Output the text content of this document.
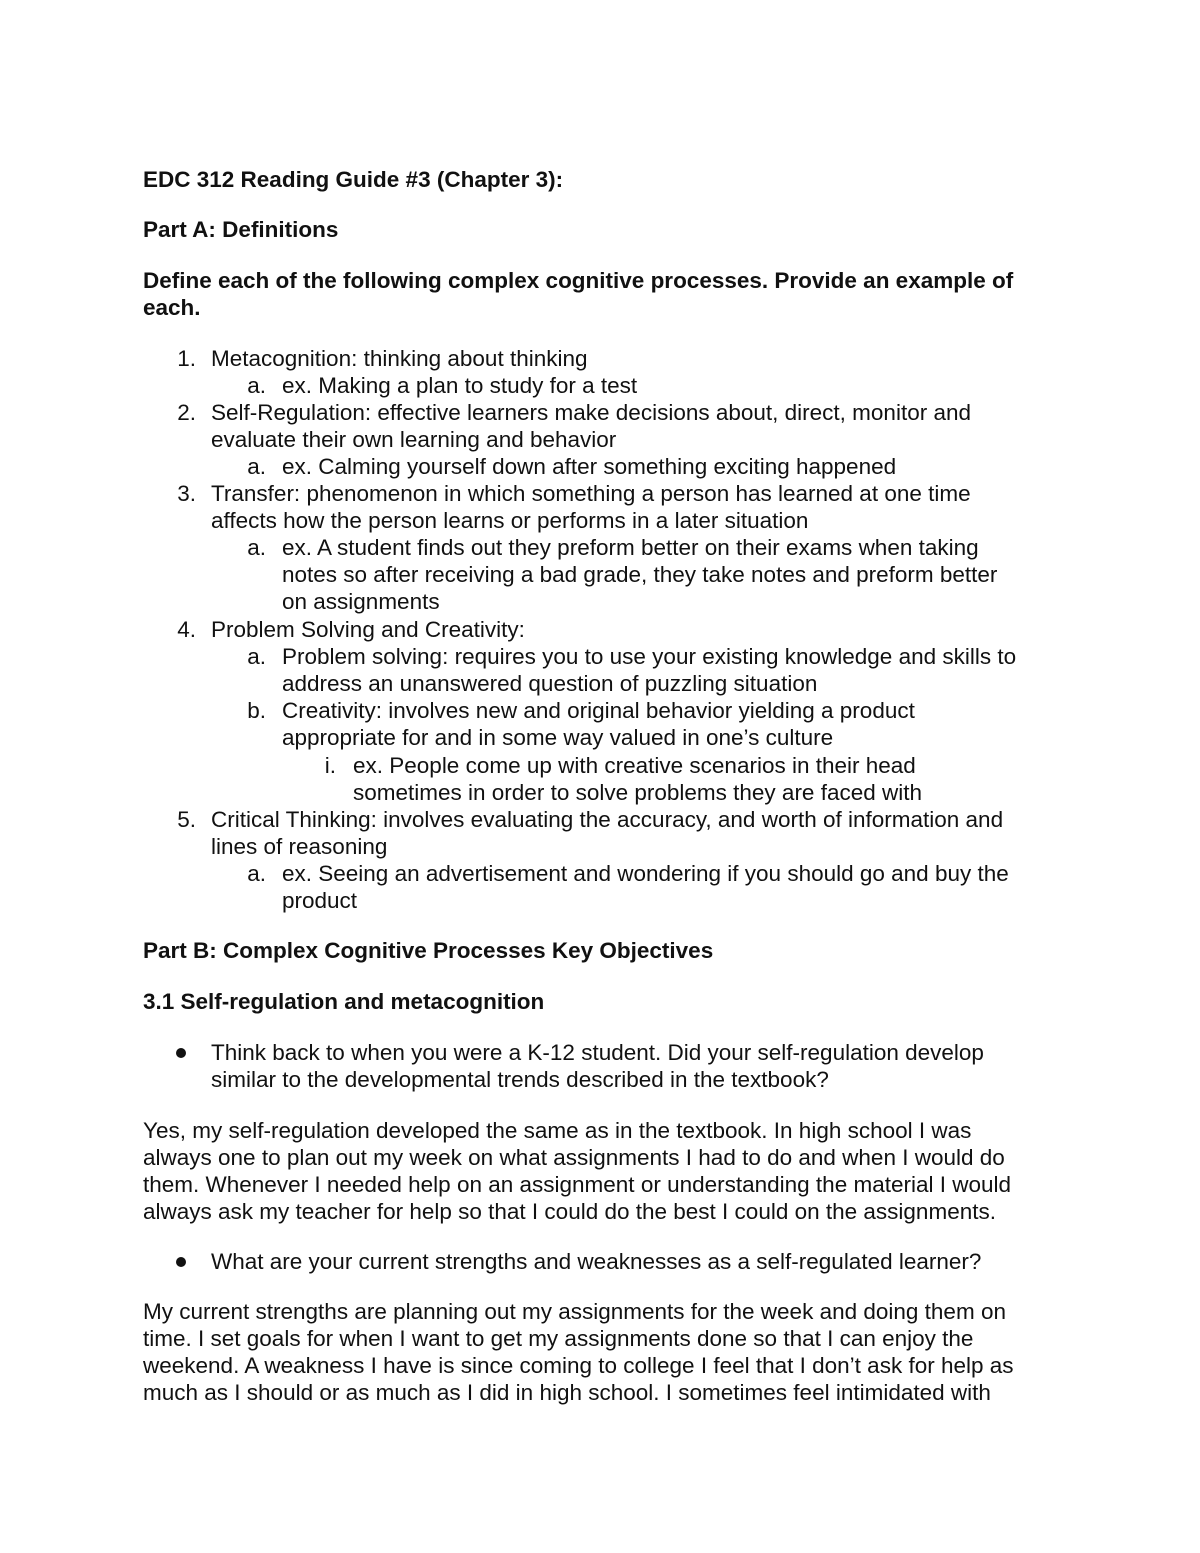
EDC 312 Reading Guide #3 (Chapter 3):

Part A: Definitions

Define each of the following complex cognitive processes. Provide an example of

each.

1. Metacognition: thinking about thinking

a. ex. Making a plan to study for a test

2. Self-Regulation: effective learners make decisions about, direct, monitor and

evaluate their own learning and behavior

a. ex. Calming yourself down after something exciting happened

3. Transfer: phenomenon in which something a person has learned at one time

affects how the person learns or performs in a later situation

a. ex. A student finds out they preform better on their exams when taking

notes so after receiving a bad grade, they take notes and preform better

on assignments

4. Problem Solving and Creativity:

a. Problem solving: requires you to use your existing knowledge and skills to

address an unanswered question of puzzling situation

b. Creativity: involves new and original behavior yielding a product

appropriate for and in some way valued in one’s culture

i. ex. People come up with creative scenarios in their head

sometimes in order to solve problems they are faced with

5. Critical Thinking: involves evaluating the accuracy, and worth of information and

lines of reasoning

a. ex. Seeing an advertisement and wondering if you should go and buy the

product

Part B: Complex Cognitive Processes Key Objectives

3.1 Self-regulation and metacognition

Think back to when you were a K-12 student. Did your self-regulation develop

similar to the developmental trends described in the textbook?

Yes, my self-regulation developed the same as in the textbook. In high school I was

always one to plan out my week on what assignments I had to do and when I would do

them. Whenever I needed help on an assignment or understanding the material I would

always ask my teacher for help so that I could do the best I could on the assignments.

What are your current strengths and weaknesses as a self-regulated learner?

My current strengths are planning out my assignments for the week and doing them on

time. I set goals for when I want to get my assignments done so that I can enjoy the

weekend. A weakness I have is since coming to college I feel that I don’t ask for help as

much as I should or as much as I did in high school. I sometimes feel intimidated with
